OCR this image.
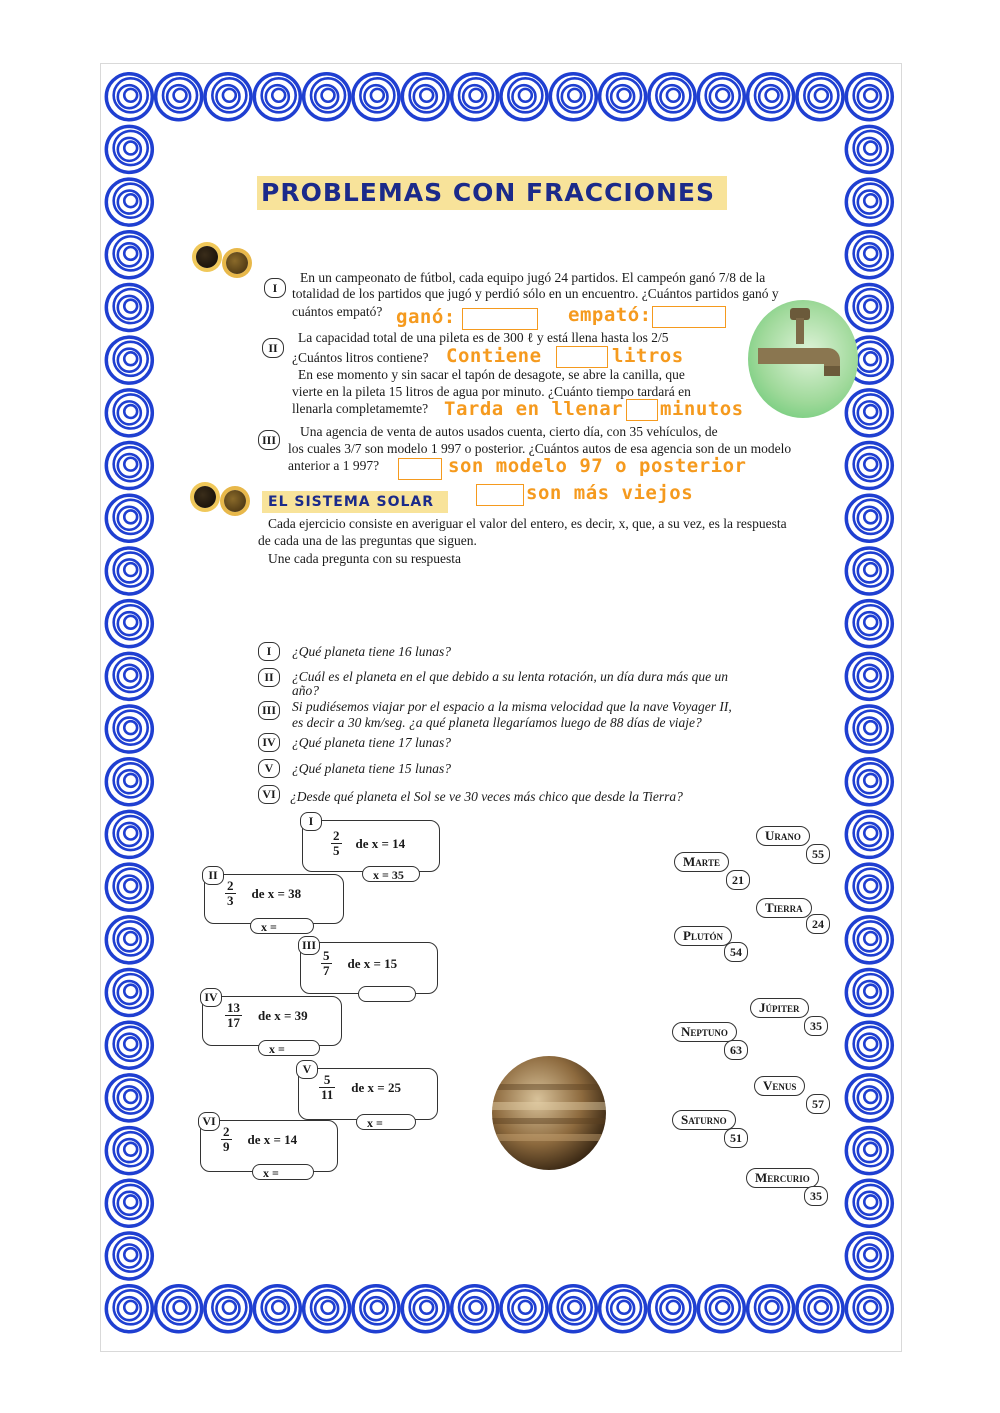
PROBLEMAS CON FRACCIONES
I
En un campeonato de fútbol, cada equipo jugó 24 partidos. El campeón ganó 7/8 de la
totalidad de los partidos que jugó y perdió sólo en un encuentro. ¿Cuántos partidos ganó y
cuántos empató? ganó:	empató:
II
La capacidad total de una pileta es de 300 ℓ y está llena hasta los 2/5
¿Cuántos litros contiene? Contiene	litros
En ese momento y sin sacar el tapón de desagote, se abre la canilla, que
vierte en la pileta 15 litros de agua por minuto. ¿Cuánto tiempo tardará en
llenarla completamemte? Tarda en llenar minutos
III
Una agencia de venta de autos usados cuenta, cierto día, con 35 vehículos, de
los cuales 3/7 son modelo 1 997 o posterior. ¿Cuántos autos de esa agencia son de un modelo
anterior a 1 997?	son modelo 97 o posterior
son más viejos
EL SISTEMA SOLAR
Cada ejercicio consiste en averiguar el valor del entero, es decir, x, que, a su vez, es la respuesta
de cada una de las preguntas que siguen.
Une cada pregunta con su respuesta
I	¿Qué planeta tiene 16 lunas?
II	¿Cuál es el planeta en el que debido a su lenta rotación, un día dura más que un
año?
III Si pudiésemos viajar por el espacio a la misma velocidad que la nave Voyager II,
es decir a 30 km/seg. ¿a qué planeta llegaríamos luego de 88 días de viaje?
IV	¿Qué planeta tiene 17 lunas?
V	¿Qué planeta tiene 15 lunas?
VI	¿Desde qué planeta el Sol se ve 30 veces más chico que desde la Tierra?
$\frac{2}{5}$ de x = 14
I
x = 35
$\frac{2}{3}$ de x = 38
II
x =
$\frac{5}{7}$ de x = 15
III
$\frac{13}{17}$ de x = 39
IV
x =
$\frac{5}{11}$ de x = 25
V
x =
$\frac{2}{9}$ de x = 14
VI
x =
Urano
55
Marte
21
Tierra
24
Plutón
54
Júpiter
35
Neptuno
63
Venus
57
Saturno
51
Mercurio
35
